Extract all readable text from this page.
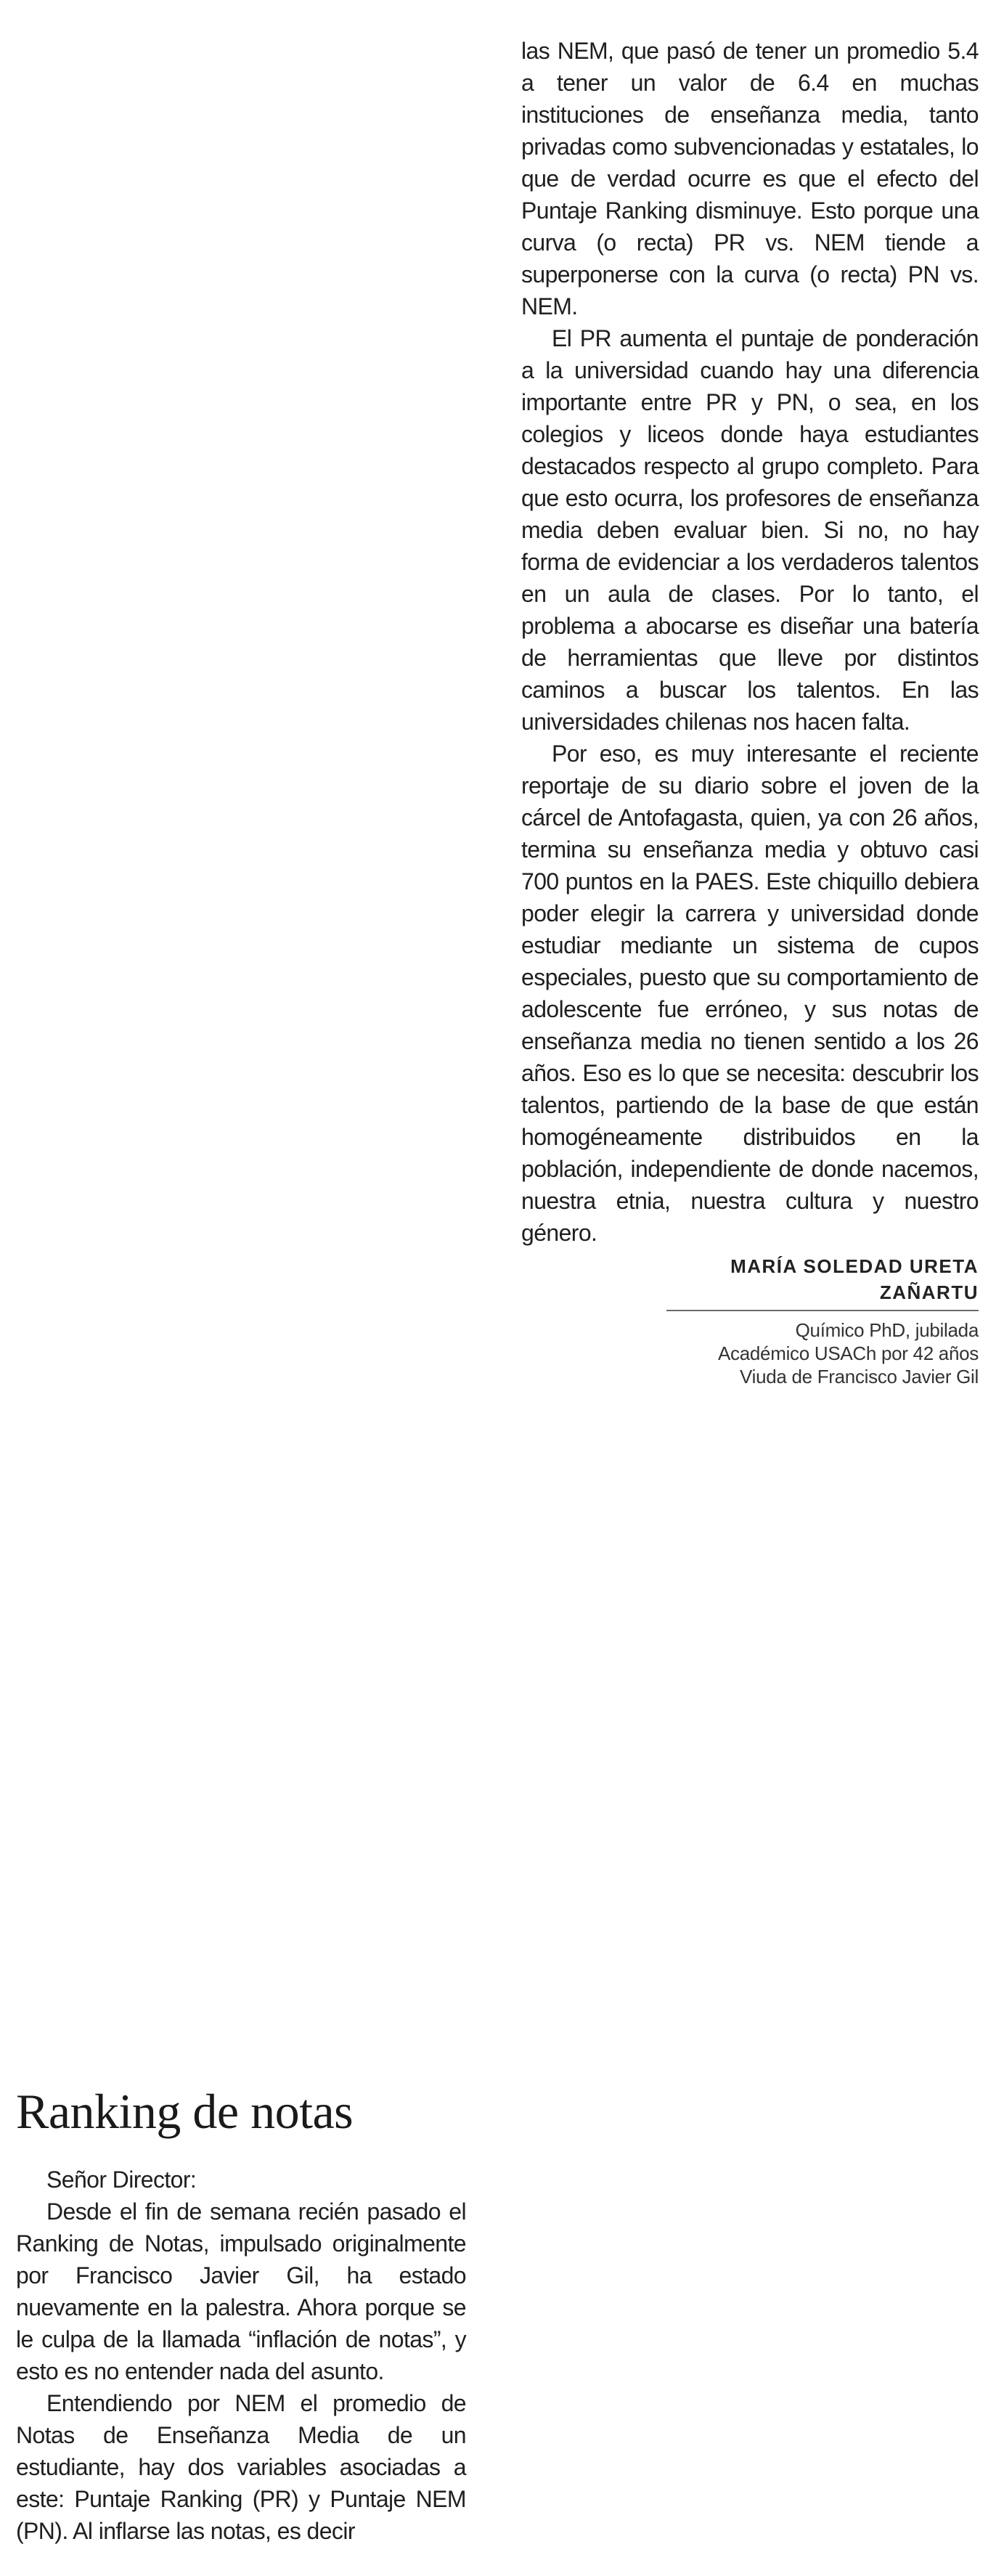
las NEM, que pasó de tener un promedio 5.4 a tener un valor de 6.4 en muchas instituciones de enseñanza media, tanto privadas como subvencionadas y estatales, lo que de verdad ocurre es que el efecto del Puntaje Ranking disminuye. Esto porque una curva (o recta) PR vs. NEM tiende a superponerse con la curva (o recta) PN vs. NEM.

El PR aumenta el puntaje de ponderación a la universidad cuando hay una diferencia importante entre PR y PN, o sea, en los colegios y liceos donde haya estudiantes destacados respecto al grupo completo. Para que esto ocurra, los profesores de enseñanza media deben evaluar bien. Si no, no hay forma de evidenciar a los verdaderos talentos en un aula de clases. Por lo tanto, el problema a abocarse es diseñar una batería de herramientas que lleve por distintos caminos a buscar los talentos. En las universidades chilenas nos hacen falta.

Por eso, es muy interesante el reciente reportaje de su diario sobre el joven de la cárcel de Antofagasta, quien, ya con 26 años, termina su enseñanza media y obtuvo casi 700 puntos en la PAES. Este chiquillo debiera poder elegir la carrera y universidad donde estudiar mediante un sistema de cupos especiales, puesto que su comportamiento de adolescente fue erróneo, y sus notas de enseñanza media no tienen sentido a los 26 años. Eso es lo que se necesita: descubrir los talentos, partiendo de la base de que están homogéneamente distribuidos en la población, independiente de donde nacemos, nuestra etnia, nuestra cultura y nuestro género.

MARÍA SOLEDAD URETA ZAÑARTU
Químico PhD, jubilada
Académico USACh por 42 años
Viuda de Francisco Javier Gil
Ranking de notas

Señor Director:

Desde el fin de semana recién pasado el Ranking de Notas, impulsado originalmente por Francisco Javier Gil, ha estado nuevamente en la palestra. Ahora porque se le culpa de la llamada “inflación de notas”, y esto es no entender nada del asunto.

Entendiendo por NEM el promedio de Notas de Enseñanza Media de un estudiante, hay dos variables asociadas a este: Puntaje Ranking (PR) y Puntaje NEM (PN). Al inflarse las notas, es decir
